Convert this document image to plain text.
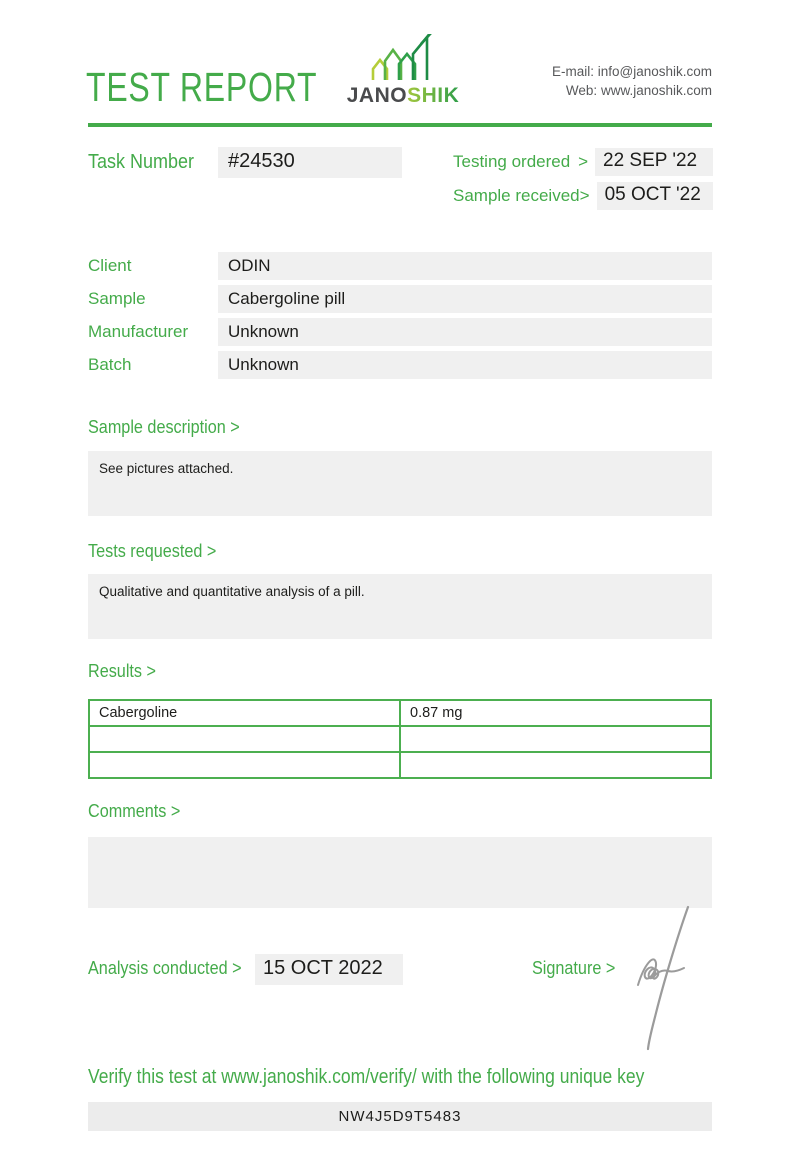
TEST REPORT	JANOSHIK
E-mail: info@janoshik.com
Web: www.janoshik.com
Task Number	#24530	Testing ordered > 22 SEP '22
Sample received > 05 OCT '22
Client	ODIN
Sample	Cabergoline pill
Manufacturer	Unknown
Batch	Unknown
Sample description >
See pictures attached.
Tests requested >
Qualitative and quantitative analysis of a pill.
Results >
Cabergoline	0.87 mg

Comments >
Analysis conducted >	15 OCT 2022	Signature >
Verify this test at www.janoshik.com/verify/ with the following unique key
NW4J5D9T5483
